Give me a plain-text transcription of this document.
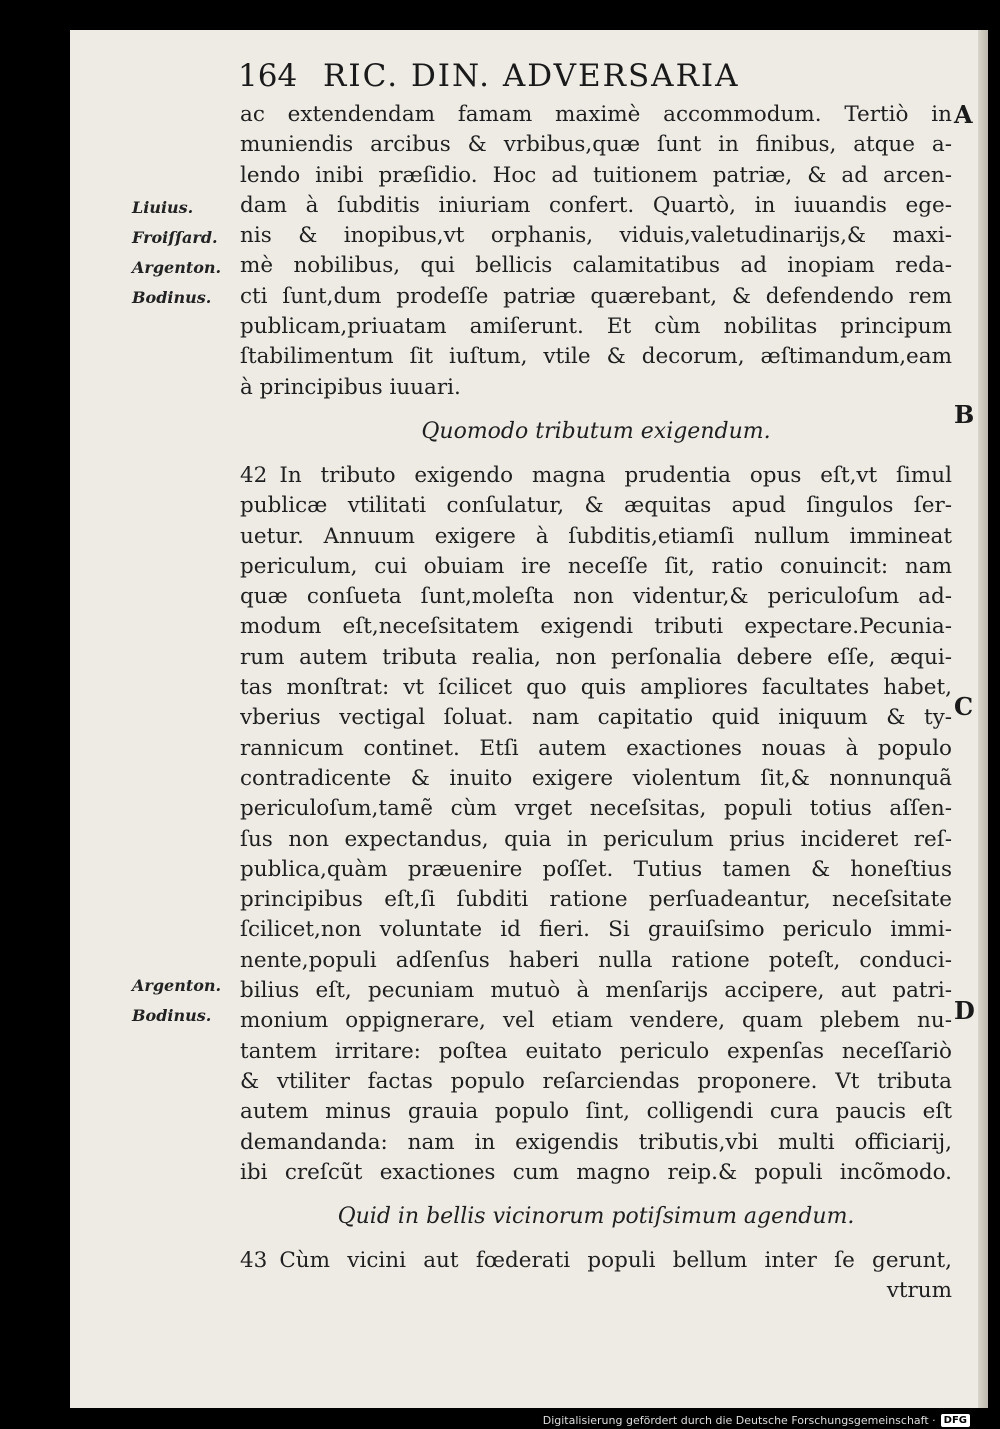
164 RIC. DIN. ADVERSARIA
Liuius.
Froiſſard.
Argenton.
Bodinus.
Argenton.
Bodinus.
A
B
C
D
ac extendendam famam maximè accommodum. Tertiò in
muniendis arcibus & vrbibus,quæ ſunt in finibus, atque a-
lendo inibi præſidio. Hoc ad tuitionem patriæ, & ad arcen-
dam à ſubditis iniuriam confert. Quartò, in iuuandis ege-
nis & inopibus,vt orphanis, viduis,valetudinarijs,& maxi-
mè nobilibus, qui bellicis calamitatibus ad inopiam reda-
cti ſunt,dum prodeſſe patriæ quærebant, & defendendo rem
publicam,priuatam amiſerunt. Et cùm nobilitas principum
ſtabilimentum ſit iuſtum, vtile & decorum, æſtimandum,eam
à principibus iuuari.
Quomodo tributum exigendum.
42 In tributo exigendo magna prudentia opus eſt,vt ſimul
publicæ vtilitati conſulatur, & æquitas apud ſingulos ſer-
uetur. Annuum exigere à ſubditis,etiamſi nullum immineat
periculum, cui obuiam ire neceſſe ſit, ratio conuincit: nam
quæ conſueta ſunt,moleſta non videntur,& periculoſum ad-
modum eſt,neceſsitatem exigendi tributi expectare.Pecunia-
rum autem tributa realia, non perſonalia debere eſſe, æqui-
tas monſtrat: vt ſcilicet quo quis ampliores facultates habet,
vberius vectigal ſoluat. nam capitatio quid iniquum & ty-
rannicum continet. Etſi autem exactiones nouas à populo
contradicente & inuito exigere violentum ſit,& nonnunquã
periculoſum,tamẽ cùm vrget neceſsitas, populi totius aſſen-
ſus non expectandus, quia in periculum prius incideret reſ-
publica,quàm præuenire poſſet. Tutius tamen & honeſtius
principibus eſt,ſi ſubditi ratione perſuadeantur, neceſsitate
ſcilicet,non voluntate id fieri. Si grauiſsimo periculo immi-
nente,populi adſenſus haberi nulla ratione poteſt, conduci-
bilius eſt, pecuniam mutuò à menſarijs accipere, aut patri-
monium oppignerare, vel etiam vendere, quam plebem nu-
tantem irritare: poſtea euitato periculo expenſas neceſſariò
& vtiliter factas populo reſarciendas proponere. Vt tributa
autem minus grauia populo ſint, colligendi cura paucis eſt
demandanda: nam in exigendis tributis,vbi multi officiarij,
ibi creſcũt exactiones cum magno reip.& populi incõmodo.
Quid in bellis vicinorum potiſsimum agendum.
43 Cùm vicini aut fœderati populi bellum inter ſe gerunt,
vtrum
Digitalisierung gefördert durch die Deutsche Forschungsgemeinschaft · DFG
